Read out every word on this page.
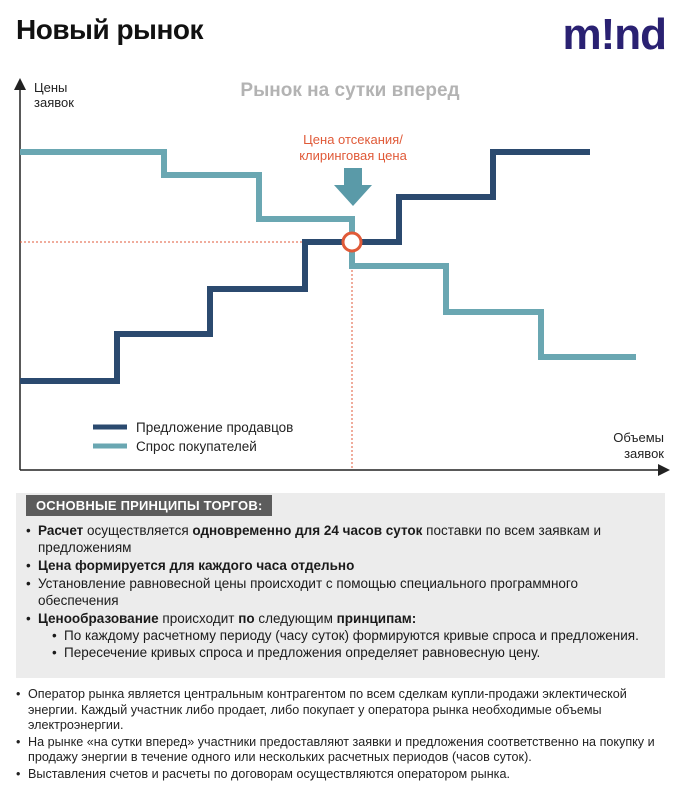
Новый рынок	m!nd
Цены
заявок
Объемы
заявок
Рынок на сутки вперед
Цена отсекания/
клиринговая цена
Предложение продавцов
Спрос покупателей
ОСНОВНЫЕ ПРИНЦИПЫ ТОРГОВ:
• Расчет осуществляется одновременно для 24 часов суток поставки по всем заявкам и предложениям
• Цена формируется для каждого часа отдельно
• Установление равновесной цены происходит с помощью специального программного обеспечения
• Ценообразование происходит по следующим принципам:
• По каждому расчетному периоду (часу суток) формируются кривые спроса и предложения.
• Пересечение кривых спроса и предложения определяет равновесную цену.
• Оператор рынка является центральным контрагентом по всем сделкам купли-продажи эклектической энергии. Каждый участник либо продает, либо покупает у оператора рынка необходимые объемы электроэнергии.
• На рынке «на сутки вперед» участники предоставляют заявки и предложения соответственно на покупку и продажу энергии в течение одного или нескольких расчетных периодов (часов суток).
• Выставления счетов и расчеты по договорам осуществляются оператором рынка.
